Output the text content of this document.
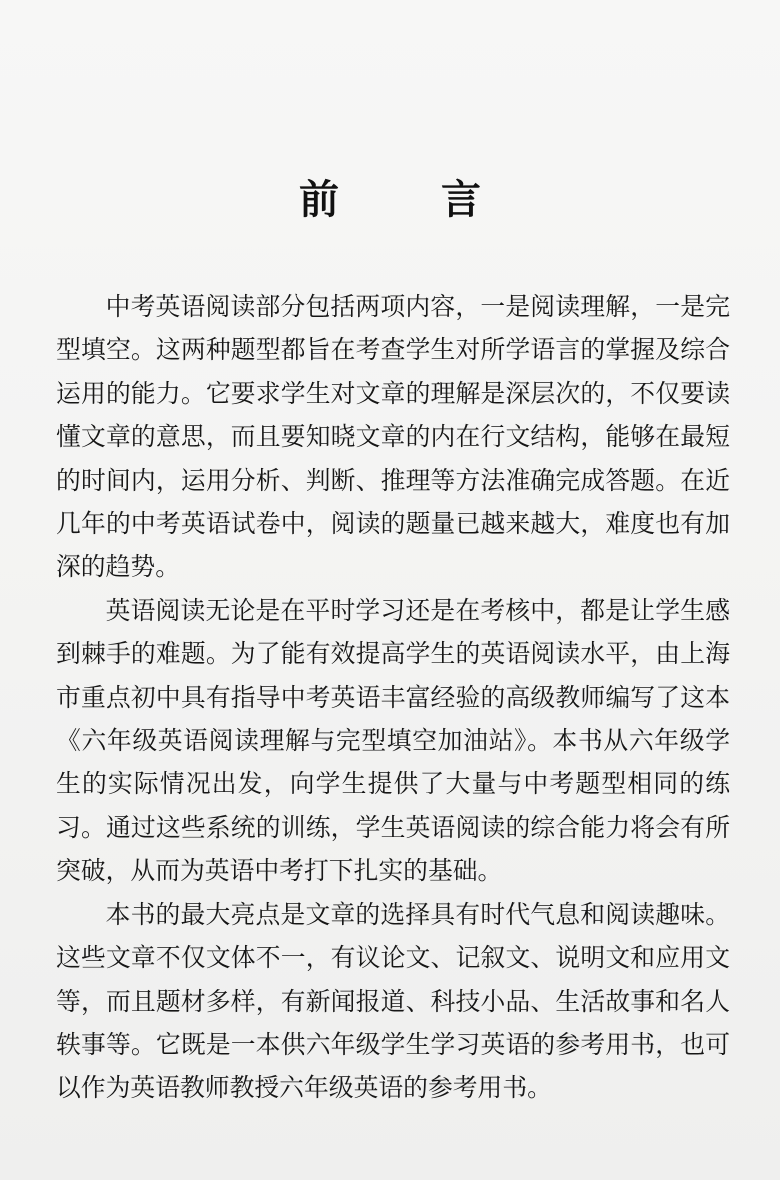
前 言

中考英语阅读部分包括两项内容，一是阅读理解，一是完型填空。这两种题型都旨在考查学生对所学语言的掌握及综合运用的能力。它要求学生对文章的理解是深层次的，不仅要读懂文章的意思，而且要知晓文章的内在行文结构，能够在最短的时间内，运用分析、判断、推理等方法准确完成答题。在近几年的中考英语试卷中，阅读的题量已越来越大，难度也有加深的趋势。

英语阅读无论是在平时学习还是在考核中，都是让学生感到棘手的难题。为了能有效提高学生的英语阅读水平，由上海市重点初中具有指导中考英语丰富经验的高级教师编写了这本《六年级英语阅读理解与完型填空加油站》。本书从六年级学生的实际情况出发，向学生提供了大量与中考题型相同的练习。通过这些系统的训练，学生英语阅读的综合能力将会有所突破，从而为英语中考打下扎实的基础。

本书的最大亮点是文章的选择具有时代气息和阅读趣味。这些文章不仅文体不一，有议论文、记叙文、说明文和应用文等，而且题材多样，有新闻报道、科技小品、生活故事和名人轶事等。它既是一本供六年级学生学习英语的参考用书，也可以作为英语教师教授六年级英语的参考用书。
